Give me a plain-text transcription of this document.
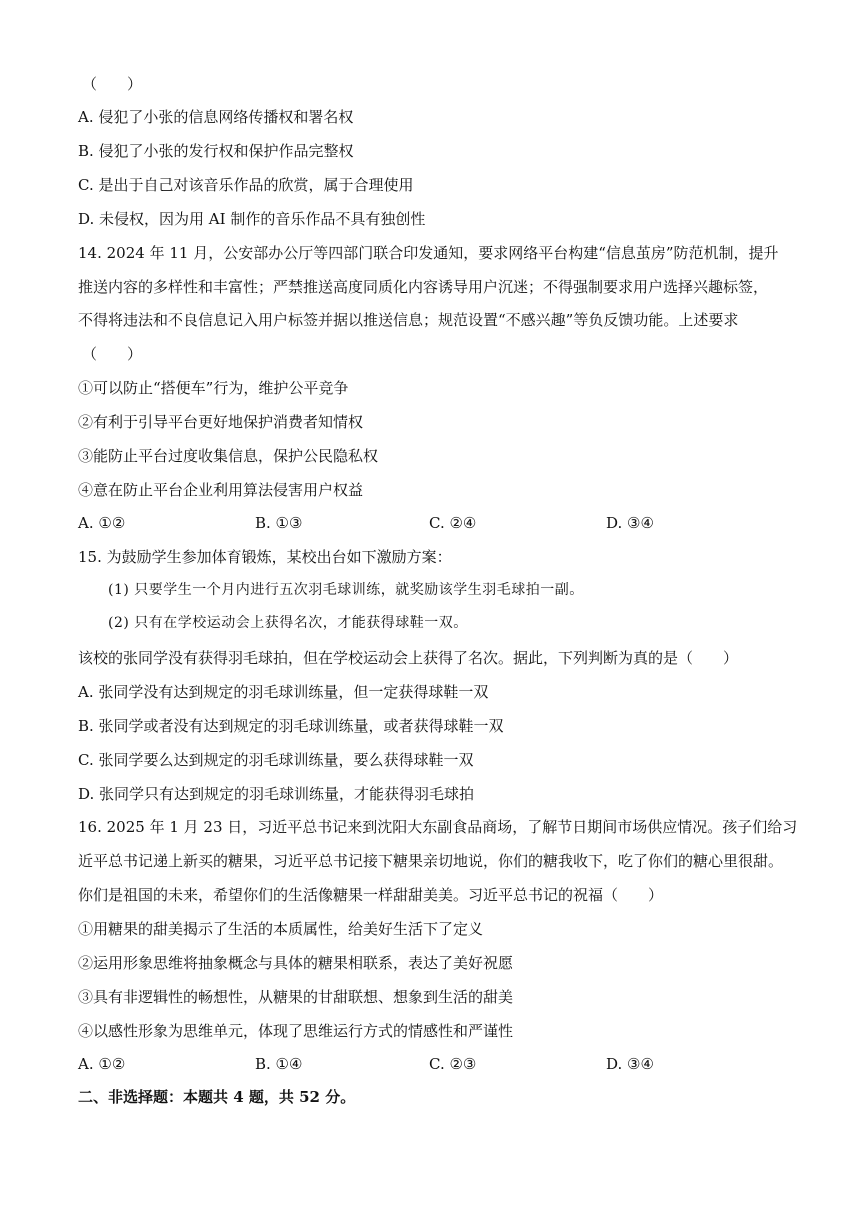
（　　）
A. 侵犯了小张的信息网络传播权和署名权
B. 侵犯了小张的发行权和保护作品完整权
C. 是出于自己对该音乐作品的欣赏，属于合理使用
D. 未侵权，因为用 AI 制作的音乐作品不具有独创性
14. 2024 年 11 月，公安部办公厅等四部门联合印发通知，要求网络平台构建“信息茧房”防范机制，提升
推送内容的多样性和丰富性；严禁推送高度同质化内容诱导用户沉迷；不得强制要求用户选择兴趣标签，
不得将违法和不良信息记入用户标签并据以推送信息；规范设置“不感兴趣”等负反馈功能。上述要求
（　　）
①可以防止“搭便车”行为，维护公平竞争
②有利于引导平台更好地保护消费者知情权
③能防止平台过度收集信息，保护公民隐私权
④意在防止平台企业利用算法侵害用户权益
A. ①②	B. ①③	C. ②④	D. ③④
15. 为鼓励学生参加体育锻炼，某校出台如下激励方案：
(1) 只要学生一个月内进行五次羽毛球训练，就奖励该学生羽毛球拍一副。
(2) 只有在学校运动会上获得名次，才能获得球鞋一双。
该校的张同学没有获得羽毛球拍，但在学校运动会上获得了名次。据此，下列判断为真的是（　　）
A. 张同学没有达到规定的羽毛球训练量，但一定获得球鞋一双
B. 张同学或者没有达到规定的羽毛球训练量，或者获得球鞋一双
C. 张同学要么达到规定的羽毛球训练量，要么获得球鞋一双
D. 张同学只有达到规定的羽毛球训练量，才能获得羽毛球拍
16. 2025 年 1 月 23 日，习近平总书记来到沈阳大东副食品商场，了解节日期间市场供应情况。孩子们给习
近平总书记递上新买的糖果，习近平总书记接下糖果亲切地说，你们的糖我收下，吃了你们的糖心里很甜。
你们是祖国的未来，希望你们的生活像糖果一样甜甜美美。习近平总书记的祝福（　　）
①用糖果的甜美揭示了生活的本质属性，给美好生活下了定义
②运用形象思维将抽象概念与具体的糖果相联系，表达了美好祝愿
③具有非逻辑性的畅想性，从糖果的甘甜联想、想象到生活的甜美
④以感性形象为思维单元，体现了思维运行方式的情感性和严谨性
A. ①②	B. ①④	C. ②③	D. ③④
二、非选择题：本题共 4 题，共 52 分。
